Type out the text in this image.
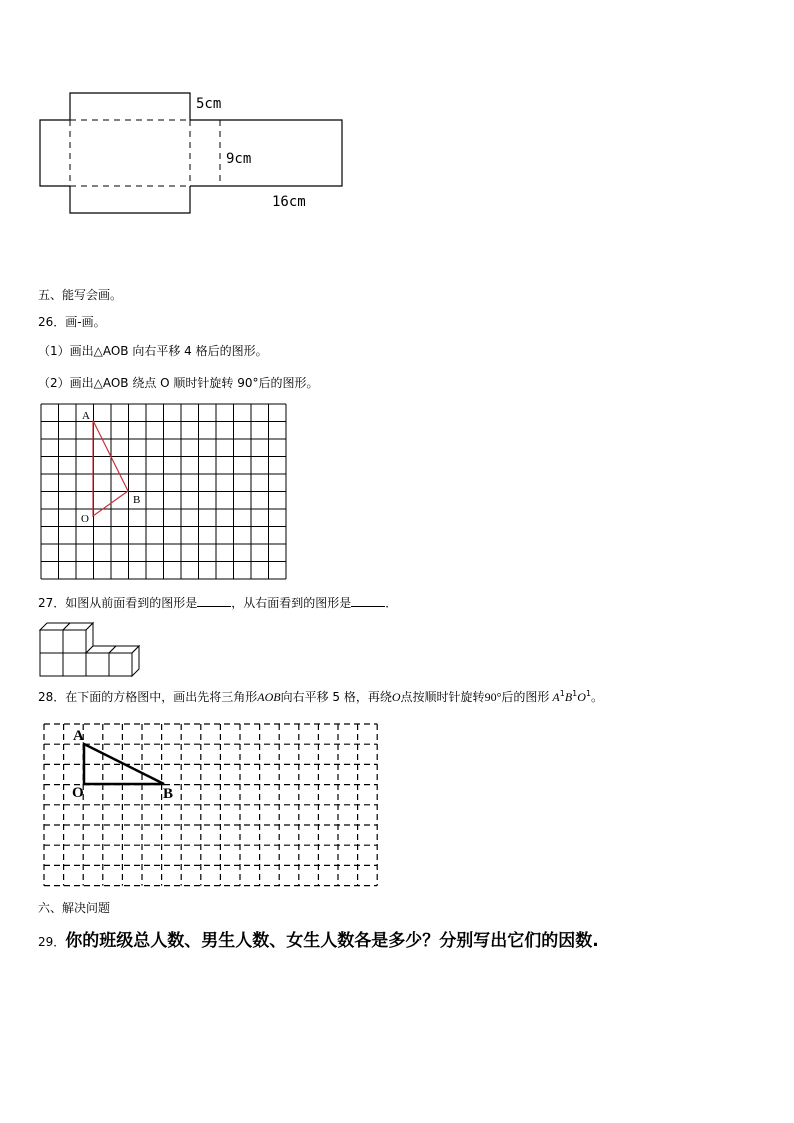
5cm
9cm
16cm
五、能写会画。
26．画-画。
（1）画出△AOB 向右平移 4 格后的图形。
（2）画出△AOB 绕点 O 顺时针旋转 90°后的图形。
A
B
O
27．如图从前面看到的图形是	，从右面看到的图形是	．
28．在下面的方格图中，画出先将三角形AOB向右平移 5 格，再绕O点按顺时针旋转90°后的图形 $A^1B^1O^1$。
A
O	B
六、解决问题
29．你的班级总人数、男生人数、女生人数各是多少？分别写出它们的因数.
